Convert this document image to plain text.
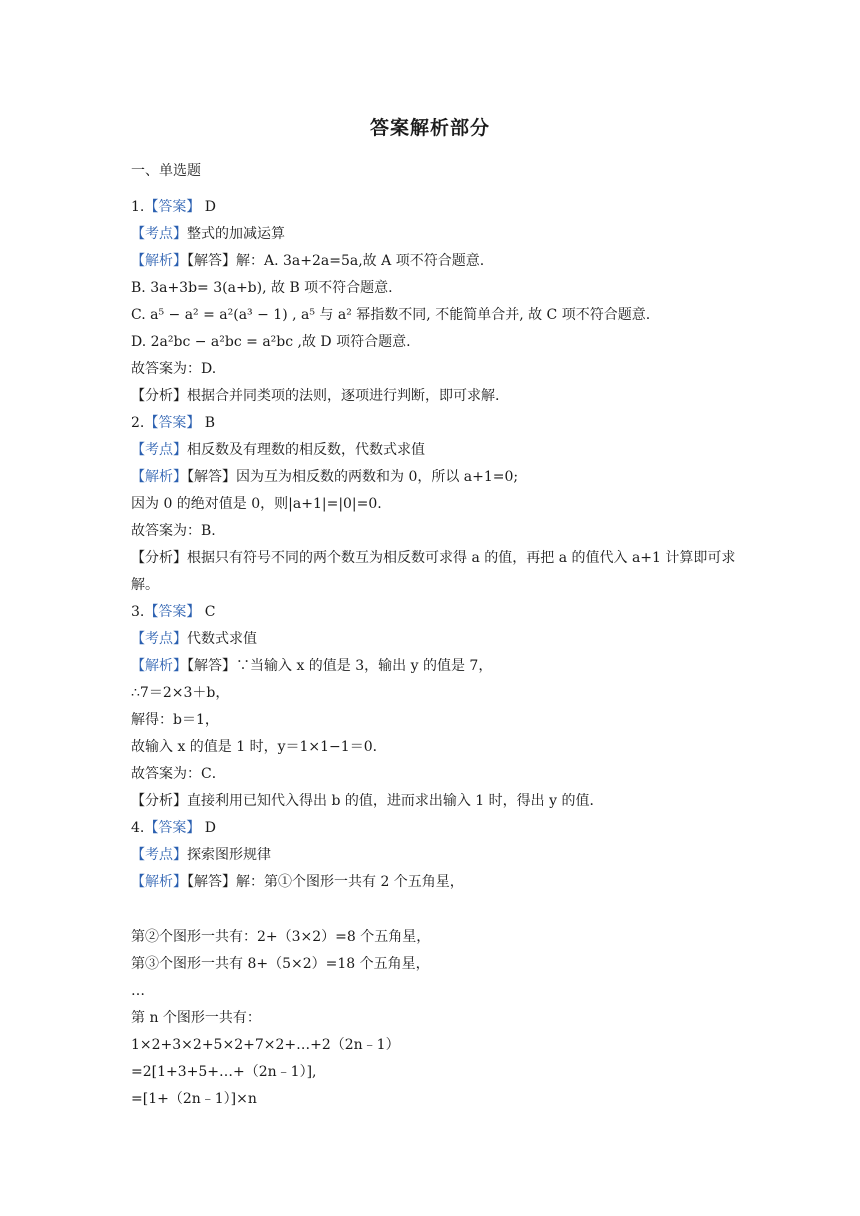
答案解析部分
一、单选题
1.【答案】 D
【考点】整式的加减运算
【解析】【解答】解：A. 3a+2a=5a,故 A 项不符合题意.
B. 3a+3b= 3(a+b), 故 B 项不符合题意.
C. a⁵ − a² = a²(a³ − 1) , a⁵ 与 a² 幂指数不同, 不能简单合并, 故 C 项不符合题意.
D. 2a²bc − a²bc = a²bc ,故 D 项符合题意.
故答案为：D.
【分析】根据合并同类项的法则，逐项进行判断，即可求解.
2.【答案】 B
【考点】相反数及有理数的相反数，代数式求值
【解析】【解答】因为互为相反数的两数和为 0，所以 a+1=0;
因为 0 的绝对值是 0，则|a+1|=|0|=0.
故答案为：B.
【分析】根据只有符号不同的两个数互为相反数可求得 a 的值，再把 a 的值代入 a+1 计算即可求解。
3.【答案】 C
【考点】代数式求值
【解析】【解答】∵当输入 x 的值是 3，输出 y 的值是 7，
∴7＝2×3＋b，
解得：b＝1，
故输入 x 的值是 1 时，y＝1×1−1＝0．
故答案为：C．
【分析】直接利用已知代入得出 b 的值，进而求出输入 1 时，得出 y 的值．
4.【答案】 D
【考点】探索图形规律
【解析】【解答】解：第①个图形一共有 2 个五角星，
第②个图形一共有：2+（3×2）=8 个五角星，
第③个图形一共有 8+（5×2）=18 个五角星，
…
第 n 个图形一共有：
1×2+3×2+5×2+7×2+…+2（2n﹣1）
=2[1+3+5+…+（2n﹣1）],
=[1+（2n﹣1）]×n
